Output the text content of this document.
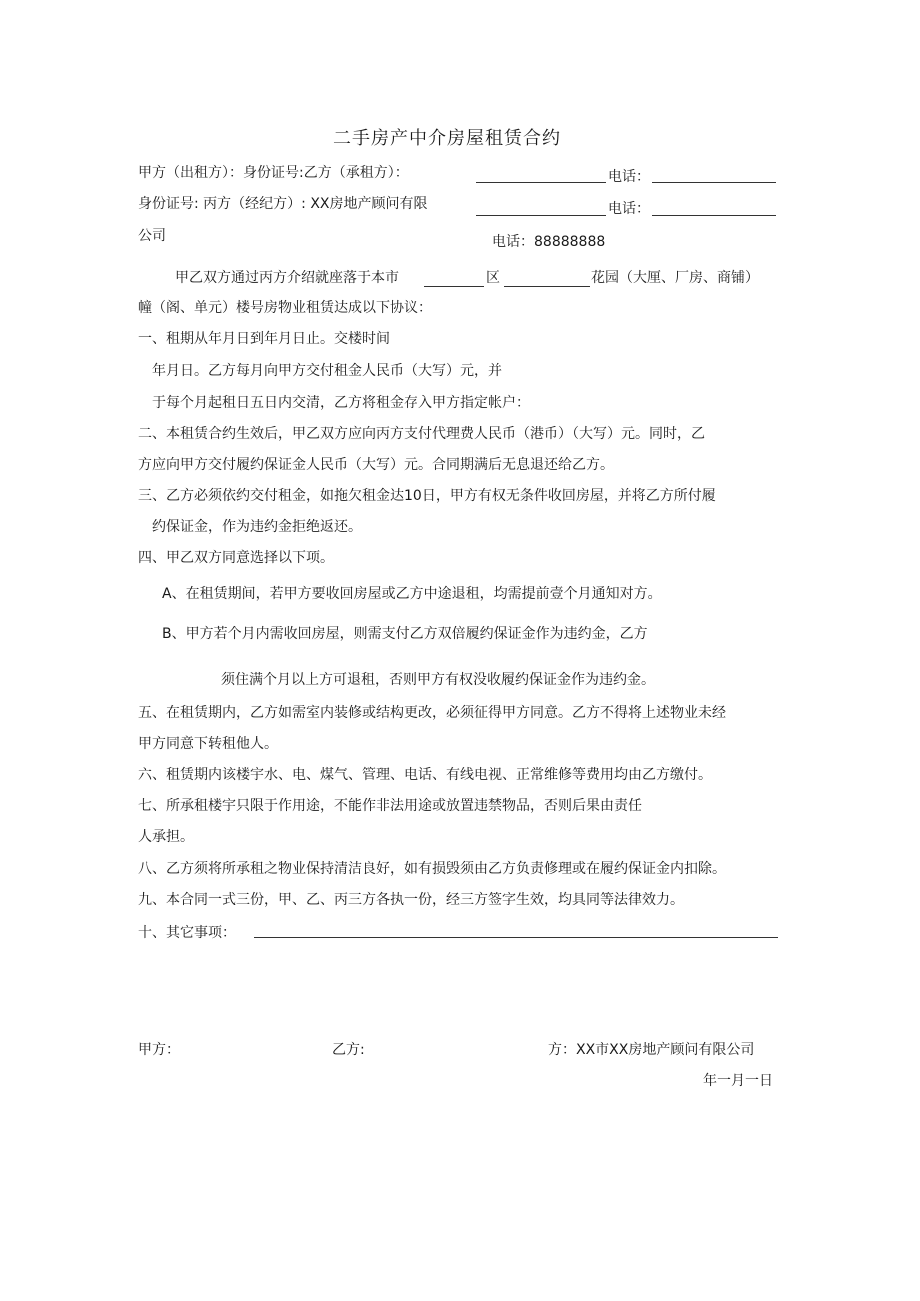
二手房产中介房屋租赁合约
甲方（出租方）：身份证号:乙方（承租方）：	电话：
身份证号: 丙方（经纪方）: XX房地产顾问有限	电话：
公司	电话：88888888
甲乙双方通过丙方介绍就座落于本市	区	花园（大厘、厂房、商铺）
幢（阁、单元）楼号房物业租赁达成以下协议：
一、租期从年月日到年月日止。交楼时间
年月日。乙方每月向甲方交付租金人民币（大写）元，并
于每个月起租日五日内交清，乙方将租金存入甲方指定帐户：
二、本租赁合约生效后，甲乙双方应向丙方支付代理费人民币（港币）（大写）元。同时，乙
方应向甲方交付履约保证金人民币（大写）元。合同期满后无息退还给乙方。
三、乙方必须依约交付租金，如拖欠租金达10日，甲方有权无条件收回房屋，并将乙方所付履
约保证金，作为违约金拒绝返还。
四、甲乙双方同意选择以下项。
A、在租赁期间，若甲方要收回房屋或乙方中途退租，均需提前壹个月通知对方。
B、甲方若个月内需收回房屋，则需支付乙方双倍履约保证金作为违约金，乙方
须住满个月以上方可退租，否则甲方有权没收履约保证金作为违约金。
五、在租赁期内，乙方如需室内装修或结构更改，必须征得甲方同意。乙方不得将上述物业未经
甲方同意下转租他人。
六、租赁期内该楼宇水、电、煤气、管理、电话、有线电视、正常维修等费用均由乙方缴付。
七、所承租楼宇只限于作用途，不能作非法用途或放置违禁物品，否则后果由责任
人承担。
八、乙方须将所承租之物业保持清洁良好，如有损毁须由乙方负责修理或在履约保证金内扣除。
九、本合同一式三份，甲、乙、丙三方各执一份，经三方签字生效，均具同等法律效力。
十、其它事项：
甲方：	乙方:	方：XX市XX房地产顾问有限公司
年一月一日
